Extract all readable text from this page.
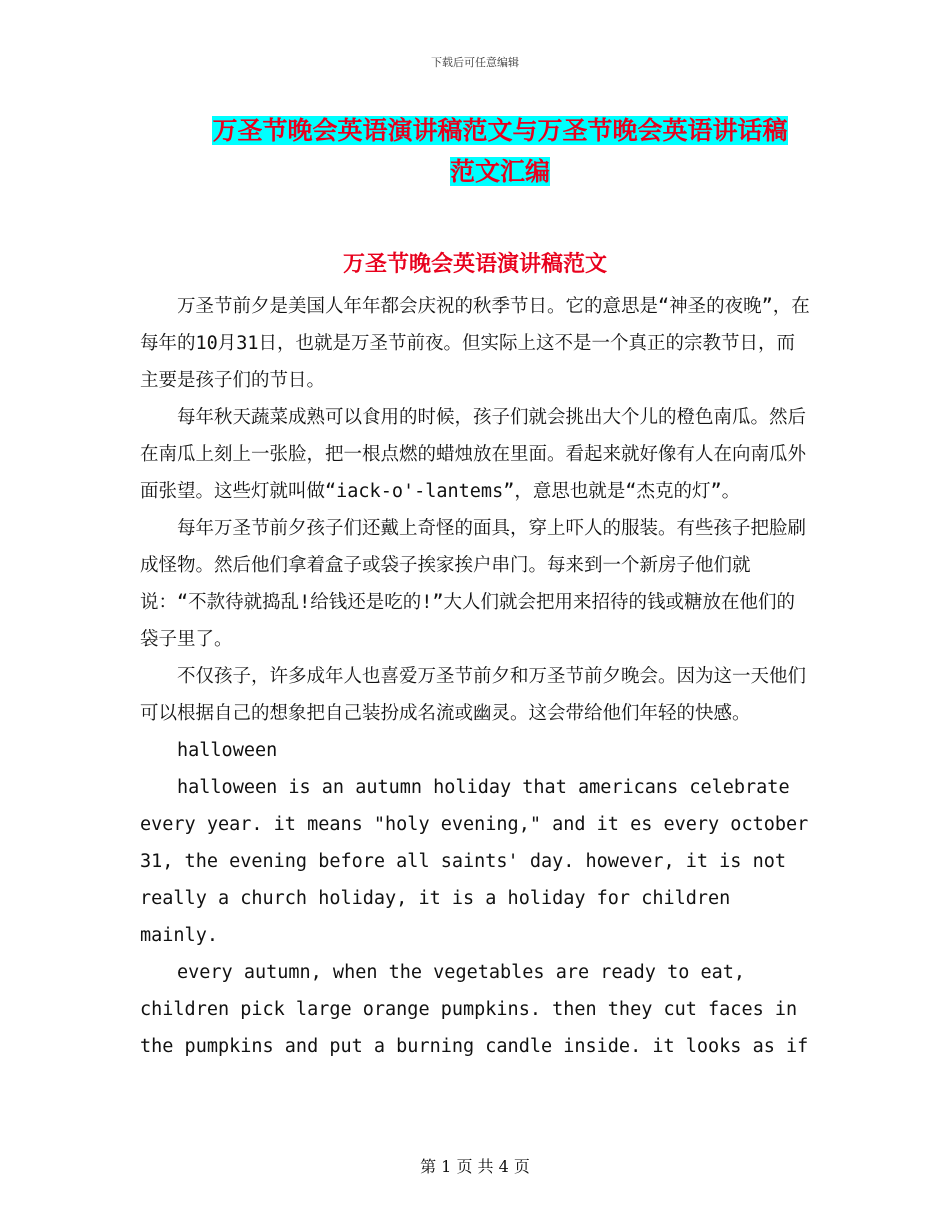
下载后可任意编辑
万圣节晚会英语演讲稿范文与万圣节晚会英语讲话稿
范文汇编
万圣节晚会英语演讲稿范文

万圣节前夕是美国人年年都会庆祝的秋季节日。它的意思是“神圣的夜晚”，在每年的10月31日，也就是万圣节前夜。但实际上这不是一个真正的宗教节日，而主要是孩子们的节日。

每年秋天蔬菜成熟可以食用的时候，孩子们就会挑出大个儿的橙色南瓜。然后在南瓜上刻上一张脸，把一根点燃的蜡烛放在里面。看起来就好像有人在向南瓜外面张望。这些灯就叫做“iack-o'-lantems”，意思也就是“杰克的灯”。

每年万圣节前夕孩子们还戴上奇怪的面具，穿上吓人的服装。有些孩子把脸刷成怪物。然后他们拿着盒子或袋子挨家挨户串门。每来到一个新房子他们就说：“不款待就捣乱!给钱还是吃的!”大人们就会把用来招待的钱或糖放在他们的袋子里了。

不仅孩子，许多成年人也喜爱万圣节前夕和万圣节前夕晚会。因为这一天他们可以根据自己的想象把自己装扮成名流或幽灵。这会带给他们年轻的快感。

halloween

halloween is an autumn holiday that americans celebrate every year. it means "holy evening," and it es every october 31, the evening before all saints' day. however, it is not really a church holiday, it is a holiday for children mainly.

every autumn, when the vegetables are ready to eat, children pick large orange pumpkins. then they cut faces in the pumpkins and put a burning candle inside. it looks as if

第 1 页 共 4 页
